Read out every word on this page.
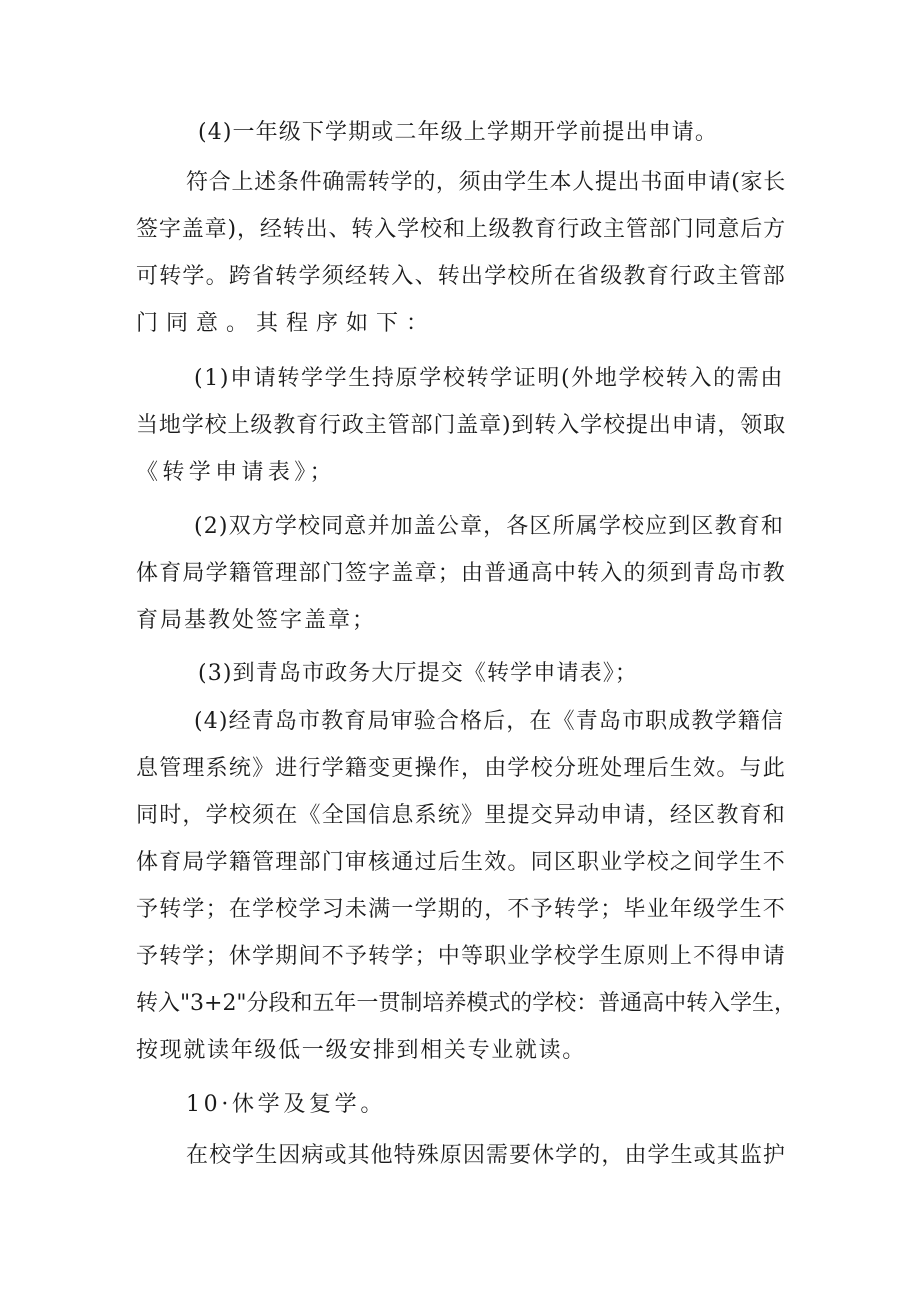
(4)一年级下学期或二年级上学期开学前提出申请。
符合上述条件确需转学的，须由学生本人提出书面申请(家长
签字盖章)，经转出、转入学校和上级教育行政主管部门同意后方
可转学。跨省转学须经转入、转出学校所在省级教育行政主管部
门同意。其程序如下：
(1)申请转学学生持原学校转学证明(外地学校转入的需由
当地学校上级教育行政主管部门盖章)到转入学校提出申请，领取
《转学申请表》；
(2)双方学校同意并加盖公章，各区所属学校应到区教育和
体育局学籍管理部门签字盖章；由普通高中转入的须到青岛市教
育局基教处签字盖章；
(3)到青岛市政务大厅提交《转学申请表》；
(4)经青岛市教育局审验合格后，在《青岛市职成教学籍信
息管理系统》进行学籍变更操作，由学校分班处理后生效。与此
同时，学校须在《全国信息系统》里提交异动申请，经区教育和
体育局学籍管理部门审核通过后生效。同区职业学校之间学生不
予转学；在学校学习未满一学期的，不予转学；毕业年级学生不
予转学；休学期间不予转学；中等职业学校学生原则上不得申请
转入"3+2"分段和五年一贯制培养模式的学校：普通高中转入学生，
按现就读年级低一级安排到相关专业就读。
10·休学及复学。
在校学生因病或其他特殊原因需要休学的，由学生或其监护
